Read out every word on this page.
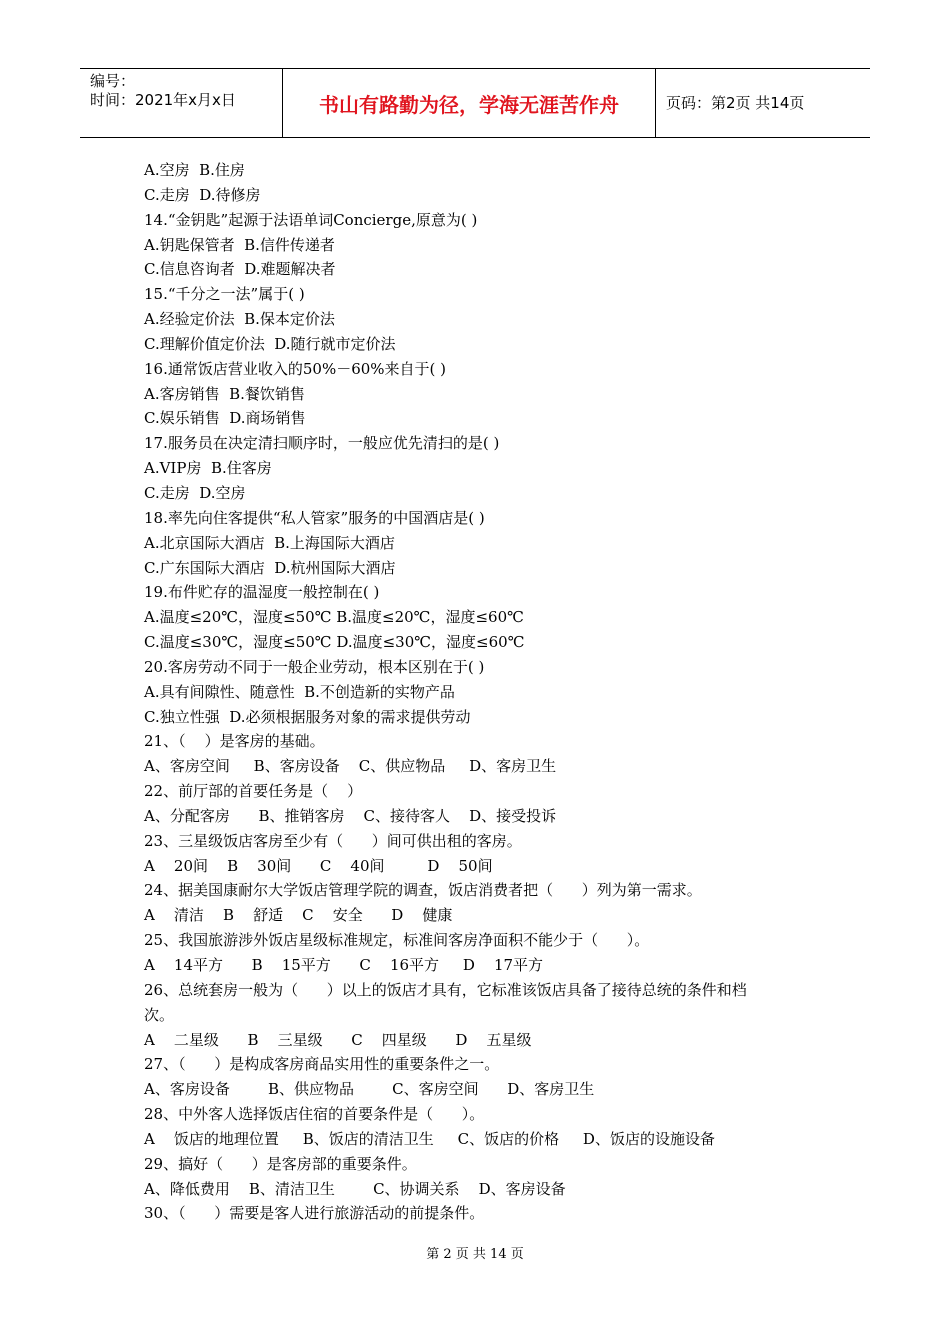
编号：
时间：2021年x月x日	书山有路勤为径，学海无涯苦作舟	页码：第2页 共14页

A.空房  B.住房

C.走房  D.待修房

14.“金钥匙”起源于法语单词Concierge,原意为( )

A.钥匙保管者  B.信件传递者

C.信息咨询者  D.难题解决者

15.“千分之一法”属于( )

A.经验定价法  B.保本定价法

C.理解价值定价法  D.随行就市定价法

16.通常饭店营业收入的50%－60%来自于( )

A.客房销售  B.餐饮销售

C.娱乐销售  D.商场销售

17.服务员在决定清扫顺序时，一般应优先清扫的是( )

A.VIP房  B.住客房

C.走房  D.空房

18.率先向住客提供“私人管家”服务的中国酒店是( )

A.北京国际大酒店  B.上海国际大酒店

C.广东国际大酒店  D.杭州国际大酒店

19.布件贮存的温湿度一般控制在( )

A.温度≤20℃，湿度≤50℃ B.温度≤20℃，湿度≤60℃

C.温度≤30℃，湿度≤50℃ D.温度≤30℃，湿度≤60℃

20.客房劳动不同于一般企业劳动，根本区别在于( )

A.具有间隙性、随意性  B.不创造新的实物产品

C.独立性强  D.必须根据服务对象的需求提供劳动

21、（    ）是客房的基础。

A、客房空间     B、客房设备    C、供应物品     D、客房卫生

22、前厅部的首要任务是（    ）

A、分配客房      B、推销客房    C、接待客人    D、接受投诉

23、三星级饭店客房至少有（      ）间可供出租的客房。

A    20间    B    30间      C    40间         D    50间

24、据美国康耐尔大学饭店管理学院的调查，饭店消费者把（      ）列为第一需求。

A    清洁    B    舒适    C    安全      D    健康

25、我国旅游涉外饭店星级标准规定，标准间客房净面积不能少于（      ）。

A    14平方      B    15平方      C    16平方     D    17平方

26、总统套房一般为（      ）以上的饭店才具有，它标准该饭店具备了接待总统的条件和档

次。

A    二星级      B    三星级      C    四星级      D    五星级

27、（      ）是构成客房商品实用性的重要条件之一。

A、客房设备        B、供应物品        C、客房空间      D、客房卫生

28、中外客人选择饭店住宿的首要条件是（      ）。

A    饭店的地理位置     B、饭店的清洁卫生     C、饭店的价格     D、饭店的设施设备

29、搞好（      ）是客房部的重要条件。

A、降低费用    B、清洁卫生        C、协调关系    D、客房设备

30、（      ）需要是客人进行旅游活动的前提条件。

第 2 页 共 14 页
